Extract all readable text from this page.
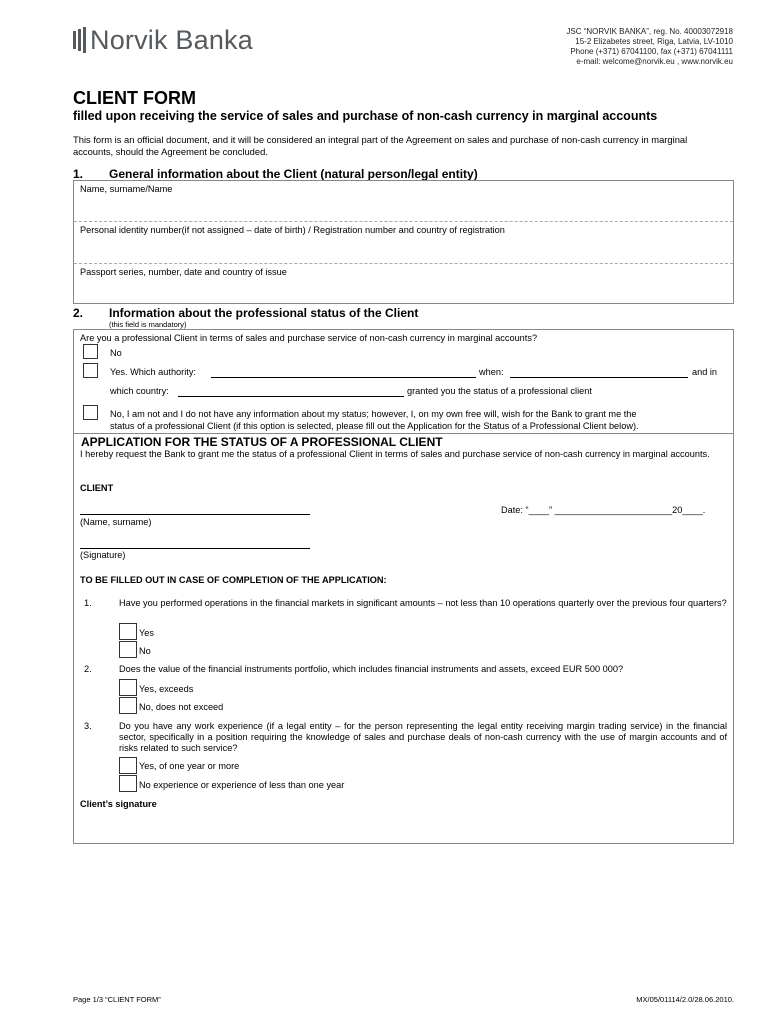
Norvik Banka	JSC “NORVIK BANKA”, reg. No. 40003072918
15-2 Elizabetes street, Riga, Latvia, LV-1010
Phone (+371) 67041100, fax (+371) 67041111
e-mail: welcome@norvik.eu , www.norvik.eu
CLIENT FORM
filled upon receiving the service of sales and purchase of non-cash currency in marginal accounts
This form is an official document, and it will be considered an integral part of the Agreement on sales and purchase of non-cash currency in marginal accounts, should the Agreement be concluded.
1. General information about the Client (natural person/legal entity)
Name, surname/Name
Personal identity number(if not assigned – date of birth) / Registration number and country of registration
Passport series, number, date and country of issue
2. Information about the professional status of the Client
(this field is mandatory)
Are you a professional Client in terms of sales and purchase service of non-cash currency in marginal accounts?
No
Yes. Which authority:	when:	and in
which country:	granted you the status of a professional client
No, I am not and I do not have any information about my status; however, I, on my own free will, wish for the Bank to grant me the
status of a professional Client (if this option is selected, please fill out the Application for the Status of a Professional Client below).
APPLICATION FOR THE STATUS OF A PROFESSIONAL CLIENT
I hereby request the Bank to grant me the status of a professional Client in terms of sales and purchase service of non-cash currency in marginal accounts.
CLIENT
Date: “____” _______________________20____.
(Name, surname)
(Signature)
TO BE FILLED OUT IN CASE OF COMPLETION OF THE APPLICATION:
1.	Have you performed operations in the financial markets in significant amounts – not less than 10 operations quarterly over the previous four quarters?
Yes
No
2.	Does the value of the financial instruments portfolio, which includes financial instruments and assets, exceed EUR 500 000?
Yes, exceeds
No, does not exceed
3.	Do you have any work experience (if a legal entity – for the person representing the legal entity receiving margin trading service) in the financial sector, specifically in a position requiring the knowledge of sales and purchase deals of non-cash currency with the use of margin accounts and of risks related to such service?
Yes, of one year or more
No experience or experience of less than one year
Client’s signature
Page 1/3 “CLIENT FORM”	MX/05/01114/2.0/28.06.2010.
